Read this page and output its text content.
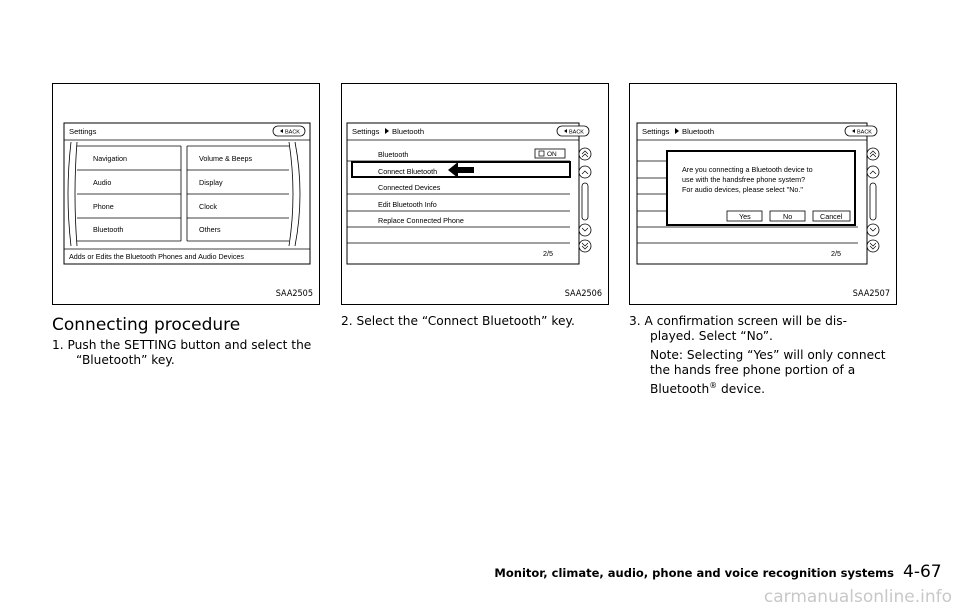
Settings	BACK
Navigation
Audio
Phone
Bluetooth
Volume & Beeps
Display
Clock
Others
Adds or Edits the Bluetooth Phones and Audio Devices
SAA2505
Settings Bluetooth	BACK
Bluetooth
Connect Bluetooth
Connected Devices
Edit Bluetooth Info
Replace Connected Phone
ON
2/5
SAA2506
Settings Bluetooth	BACK
Are you connecting a Bluetooth device to
use with the handsfree phone system?
For audio devices, please select "No."
Yes	No	Cancel
2/5
SAA2507
Connecting procedure
1. Push the SETTING button and select the
“Bluetooth” key.
2. Select the “Connect Bluetooth” key.	3. A confirmation screen will be dis-
played. Select “No”.
Note: Selecting “Yes” will only connect
the hands free phone portion of a
Bluetooth® device.
Monitor, climate, audio, phone and voice recognition systems 4-67
carmanualsonline.info
